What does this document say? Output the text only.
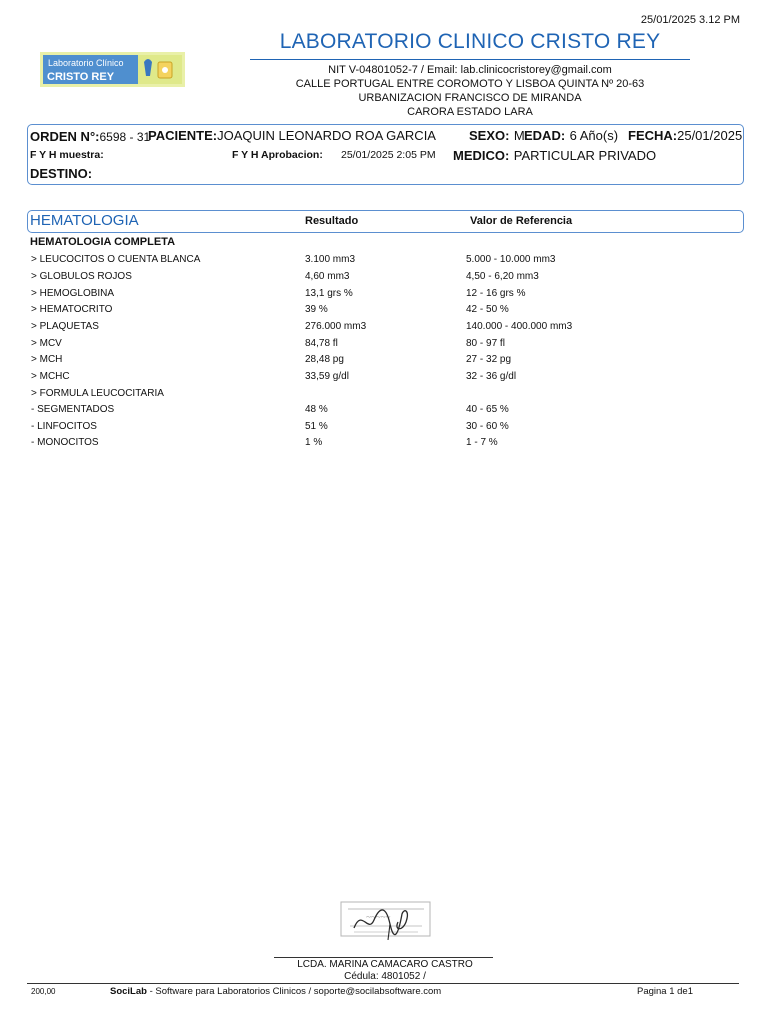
25/01/2025 3.12 PM
Laboratorio Clínico
CRISTO REY
LABORATORIO CLINICO CRISTO REY
NIT V-04801052-7 / Email: lab.clinicocristorey@gmail.com
CALLE PORTUGAL ENTRE COROMOTO Y LISBOA QUINTA Nº 20-63
URBANIZACION FRANCISCO DE MIRANDA
CARORA ESTADO LARA
ORDEN N°:6598 - 31
PACIENTE:JOAQUIN LEONARDO ROA GARCIA	SEXO: M EDAD: 6 Año(s) FECHA:25/01/2025
F Y H muestra:	F Y H Aprobacion: 25/01/2025 2:05 PM MEDICO: PARTICULAR PRIVADO
DESTINO:
HEMATOLOGIA	Resultado	Valor de Referencia
HEMATOLOGIA COMPLETA
> LEUCOCITOS O CUENTA BLANCA	3.100 mm3	5.000 - 10.000 mm3
> GLOBULOS ROJOS	4,60 mm3	4,50 - 6,20 mm3
> HEMOGLOBINA	13,1 grs %	12 - 16 grs %
> HEMATOCRITO	39 %	42 - 50 %
> PLAQUETAS	276.000 mm3	140.000 - 400.000 mm3
> MCV	84,78 fl	80 - 97 fl
> MCH	28,48 pg	27 - 32 pg
> MCHC	33,59 g/dl	32 - 36 g/dl
> FORMULA LEUCOCITARIA
- SEGMENTADOS	48 %	40 - 65 %
- LINFOCITOS	51 %	30 - 60 %
- MONOCITOS	1 %	1 - 7 %
~~~~~
LCDA. MARINA CAMACARO CASTRO
Cédula: 4801052 /
200,00	SociLab - Software para Laboratorios Clinicos / soporte@socilabsoftware.com	Pagina 1 de1
